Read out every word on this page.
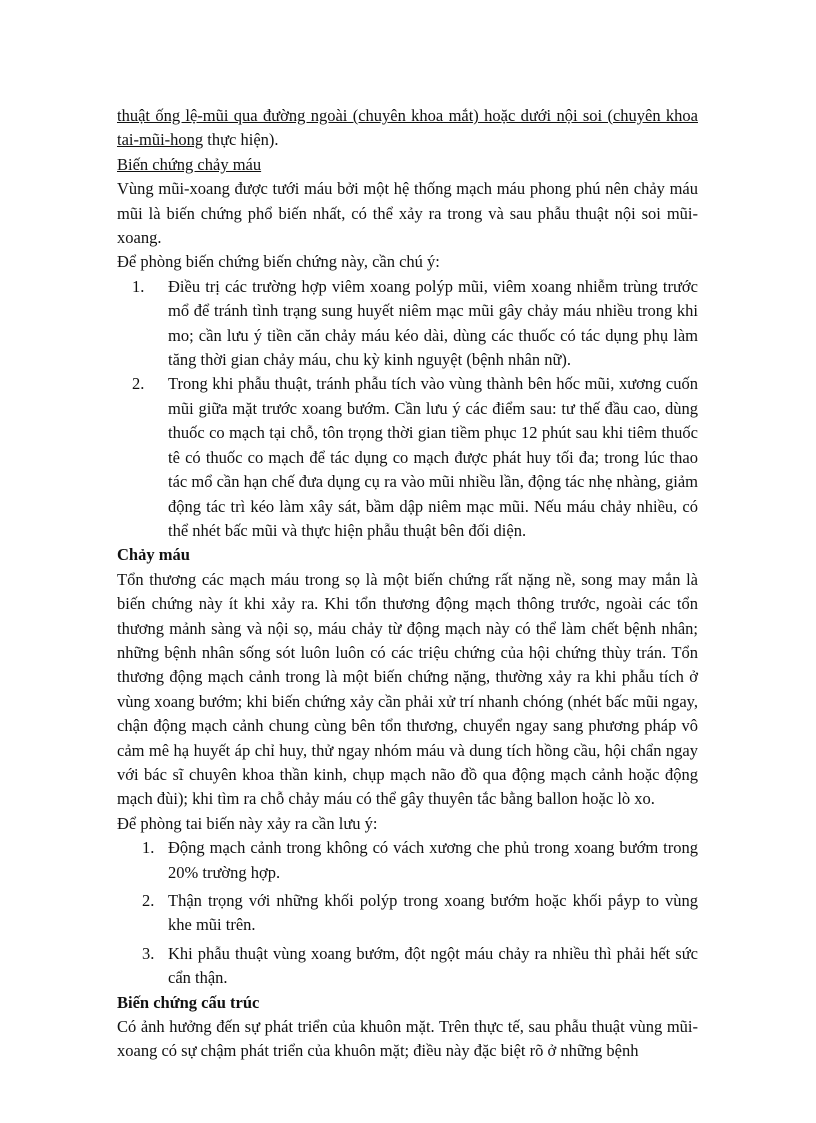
thuật ống lệ-mũi qua đường ngoài (chuyên khoa mắt) hoặc dưới nội soi (chuyên khoa tai-mũi-hong thực hiện).

Biến chứng chảy máu

Vùng mũi-xoang được tưới máu bởi một hệ thống mạch máu phong phú nên chảy máu mũi là biến chứng phổ biến nhất, có thể xảy ra trong và sau phẫu thuật nội soi mũi-xoang.

Để phòng biến chứng biến chứng này, cần chú ý:

1. Điều trị các trường hợp viêm xoang polýp mũi, viêm xoang nhiễm trùng trước mổ để tránh tình trạng sung huyết niêm mạc mũi gây chảy máu nhiều trong khi mo; cần lưu ý tiền căn chảy máu kéo dài, dùng các thuốc có tác dụng phụ làm tăng thời gian chảy máu, chu kỳ kinh nguyệt (bệnh nhân nữ).
2. Trong khi phẫu thuật, tránh phẫu tích vào vùng thành bên hốc mũi, xương cuốn mũi giữa mặt trước xoang bướm. Cần lưu ý các điểm sau: tư thế đầu cao, dùng thuốc co mạch tại chỗ, tôn trọng thời gian tiềm phục 12 phút sau khi tiêm thuốc tê có thuốc co mạch để tác dụng co mạch được phát huy tối đa; trong lúc thao tác mổ cần hạn chế đưa dụng cụ ra vào mũi nhiều lần, động tác nhẹ nhàng, giảm động tác trì kéo làm xây sát, bầm dập niêm mạc mũi. Nếu máu chảy nhiều, có thể nhét bấc mũi và thực hiện phẫu thuật bên đối diện.

Chảy máu

Tổn thương các mạch máu trong sọ là một biến chứng rất nặng nề, song may mắn là biến chứng này ít khi xảy ra. Khi tổn thương động mạch thông trước, ngoài các tổn thương mảnh sàng và nội sọ, máu chảy từ động mạch này có thể làm chết bệnh nhân; những bệnh nhân sống sót luôn luôn có các triệu chứng của hội chứng thùy trán. Tổn thương động mạch cảnh trong là một biến chứng nặng, thường xảy ra khi phẫu tích ở vùng xoang bướm; khi biến chứng xảy cần phải xử trí nhanh chóng (nhét bấc mũi ngay, chận động mạch cảnh chung cùng bên tổn thương, chuyển ngay sang phương pháp vô cảm mê hạ huyết áp chỉ huy, thử ngay nhóm máu và dung tích hồng cầu, hội chẩn ngay với bác sĩ chuyên khoa thần kinh, chụp mạch não đồ qua động mạch cảnh hoặc động mạch đùi); khi tìm ra chỗ chảy máu có thể gây thuyên tắc bằng ballon hoặc lò xo.

Để phòng tai biến này xảy ra cần lưu ý:

1. Động mạch cảnh trong không có vách xương che phủ trong xoang bướm trong 20% trường hợp.
2. Thận trọng với những khối polýp trong xoang bướm hoặc khối pắyp to vùng khe mũi trên.
3. Khi phẫu thuật vùng xoang bướm, đột ngột máu chảy ra nhiều thì phải hết sức cẩn thận.

Biến chứng cấu trúc

Có ảnh hưởng đến sự phát triển của khuôn mặt. Trên thực tế, sau phẫu thuật vùng mũi-xoang có sự chậm phát triển của khuôn mặt; điều này đặc biệt rõ ở những bệnh
